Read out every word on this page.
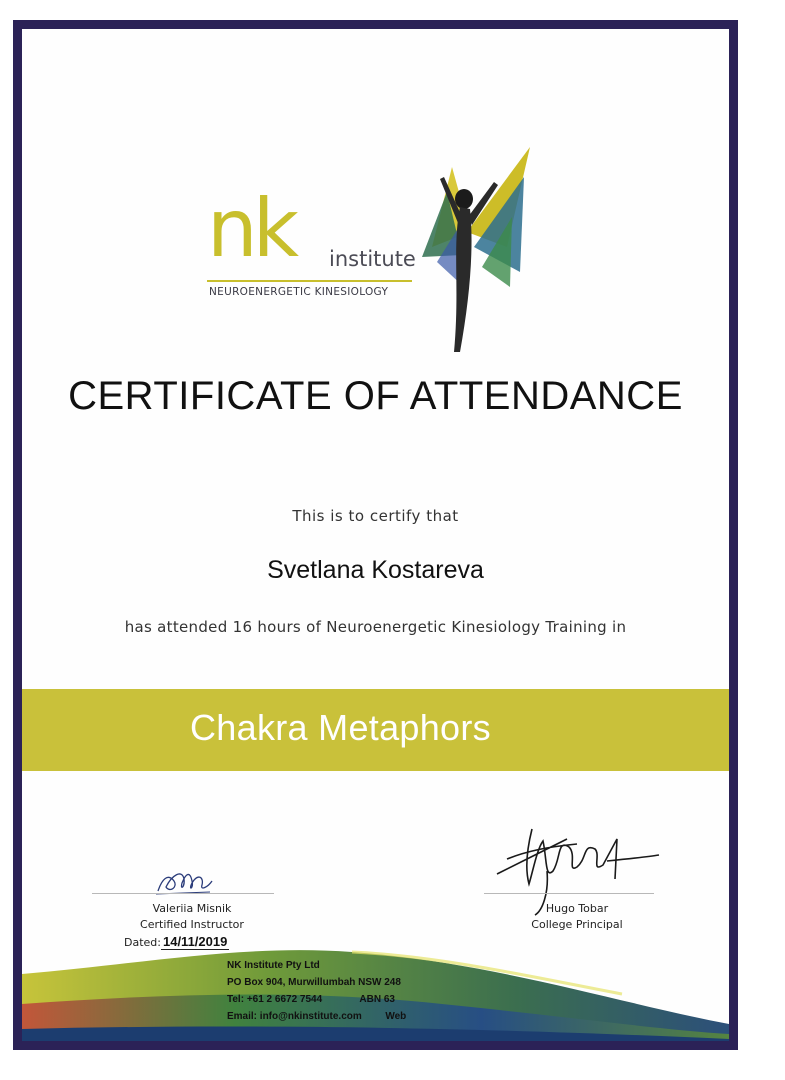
nk institute
NEUROENERGETIC KINESIOLOGY
CERTIFICATE OF ATTENDANCE
This is to certify that
Svetlana Kostareva
has attended 16 hours of Neuroenergetic Kinesiology Training in
Chakra Metaphors
Valeriia Misnik
Certified Instructor
Dated: 14/11/2019
Hugo Tobar
College Principal
NK Institute Pty Ltd
PO Box 904, Murwillumbah NSW 248
Tel: +61 2 6672 7544	ABN 63
Email: info@nkinstitute.com Web
